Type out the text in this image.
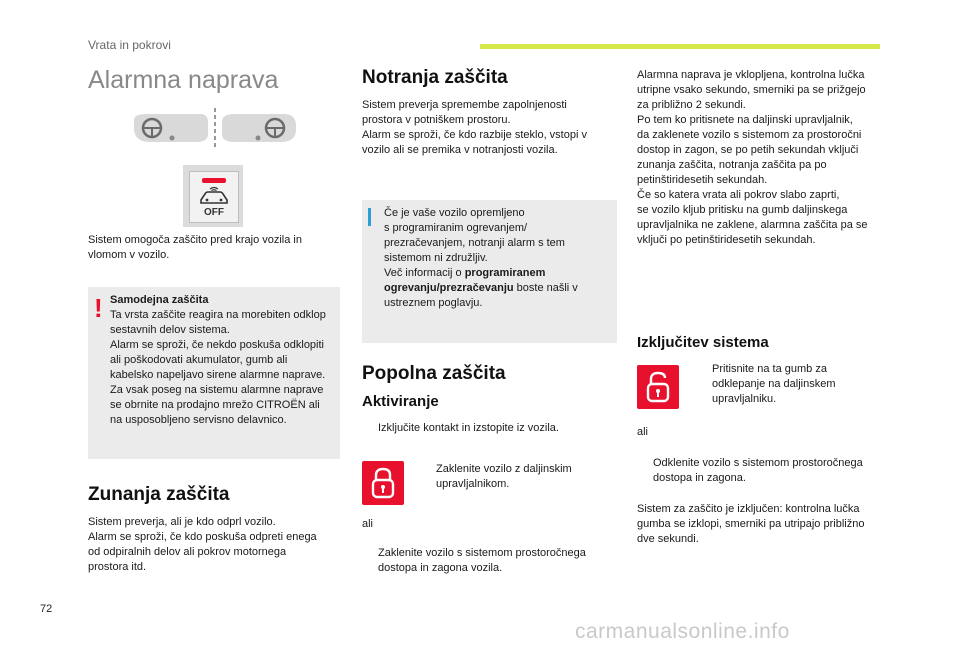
Vrata in pokrovi
Alarmna naprava
OFF
Sistem omogoča zaščito pred krajo vozila in
vlomom v vozilo.
! Samodejna zaščita
Ta vrsta zaščite reagira na morebiten odklop
sestavnih delov sistema.
Alarm se sproži, če nekdo poskuša odklopiti
ali poškodovati akumulator, gumb ali
kabelsko napeljavo sirene alarmne naprave.
Za vsak poseg na sistemu alarmne naprave
se obrnite na prodajno mrežo CITROËN ali
na usposobljeno servisno delavnico.
Zunanja zaščita
Sistem preverja, ali je kdo odprl vozilo.
Alarm se sproži, če kdo poskuša odpreti enega
od odpiralnih delov ali pokrov motornega
prostora itd.
Notranja zaščita
Sistem preverja spremembe zapolnjenosti
prostora v potniškem prostoru.
Alarm se sproži, če kdo razbije steklo, vstopi v
vozilo ali se premika v notranjosti vozila.
Če je vaše vozilo opremljeno
s programiranim ogrevanjem/
prezračevanjem, notranji alarm s tem
sistemom ni združljiv.
Več informacij o programiranem
ogrevanju/prezračevanju boste našli v
ustreznem poglavju.
Popolna zaščita
Aktiviranje
Izključite kontakt in izstopite iz vozila.
Zaklenite vozilo z daljinskim
upravljalnikom.
ali
Zaklenite vozilo s sistemom prostoročnega
dostopa in zagona vozila.
Alarmna naprava je vklopljena, kontrolna lučka
utripne vsako sekundo, smerniki pa se prižgejo
za približno 2 sekundi.
Po tem ko pritisnete na daljinski upravljalnik,
da zaklenete vozilo s sistemom za prostoročni
dostop in zagon, se po petih sekundah vključi
zunanja zaščita, notranja zaščita pa po
petinštiridesetih sekundah.
Če so katera vrata ali pokrov slabo zaprti,
se vozilo kljub pritisku na gumb daljinskega
upravljalnika ne zaklene, alarmna zaščita pa se
vključi po petinštiridesetih sekundah.
Izključitev sistema
Pritisnite na ta gumb za
odklepanje na daljinskem
upravljalniku.
ali
Odklenite vozilo s sistemom prostoročnega
dostopa in zagona.
Sistem za zaščito je izključen: kontrolna lučka
gumba se izklopi, smerniki pa utripajo približno
dve sekundi.
72
carmanualsonline.info
